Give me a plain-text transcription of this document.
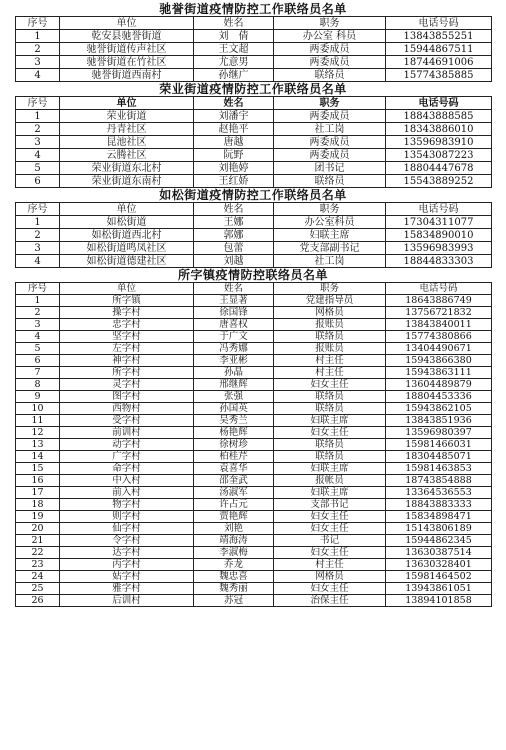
驰誉街道疫情防控工作联络员名单
序号	单位	姓名	职务	电话号码
1	乾安县驰誉街道	刘　倩	办公室 科员	13843855251
2	驰誉街道传声社区	王文超	两委成员	15944867511
3	驰誉街道在竹社区	尤意男	两委成员	18744691006
4	驰誉街道西南村	孙继广	联络员	15774385885
荣业街道疫情防控工作联络员名单
序号	单位	姓名	职务	电话号码
1	荣业街道	刘潘宇	两委成员	18843888585
2	丹青社区	赵艳平	社工岗	18343886010
3	昆池社区	唐越	两委成员	13596983910
4	云腾社区	阮野	两委成员	13543087223
5	荣业街道东北村	刘艳婷	团书记	18804447678
6	荣业街道东南村	王红娇	联络员	15543889252
如松街道疫情防控工作联络员名单
序号	单位	姓名	职务	电话号码
1	如松街道	王娜	办公室科员	17304311077
2	如松街道西北村	郭娜	妇联主席	15834890010
3	如松街道鸣凤社区	包蕾	党支部副书记	13596983993
4	如松街道德建社区	刘越	社工岗	18844833303
所字镇疫情防控联络员名单
序号	单位	姓名	职务	电话号码
1	所字镇	王显著	党建指导员	18643886749
2	操字村	徐国锋	网格员	13756721832
3	忠字村	唐喜权	报账员	13843840011
4	坚字村	于广文	联络员	15774380866
5	左字村	冯秀娜	报账员	13404490671
6	神字村	李亚彬	村主任	15943866380
7	所字村	孙晶	村主任	15943863111
8	灵字村	邢继辉	妇女主任	13604489879
9	图字村	张强	联络员	18804453336
10	西物村	孙国英	联络员	15943862105
11	受字村	吴秀兰	妇联主席	13843851936
12	前训村	杨艳辉	妇女主任	13596980397
13	动字村	徐树珍	联络员	15981466031
14	广字村	柏桂芹	联络员	18304485071
15	命字村	袁喜华	妇联主席	15981463853
16	中入村	邵奎武	报帐员	18743854888
17	前入村	汤淑军	妇联主席	13364536553
18	物字村	许占元	支部书记	18843883333
19	则字村	贾艳辉	妇女主任	15834898471
20	仙字村	刘艳	妇女主任	15143806189
21	令字村	靖海涛	书记	15944862345
22	达字村	李淑梅	妇女主任	13630387514
23	丙字村	乔龙	村主任	13630328401
24	姑字村	魏忠喜	网格员	15981464502
25	雅字村	魏秀丽	妇女主任	13943861051
26	后训村	苏冠	治保主任	13894101858
